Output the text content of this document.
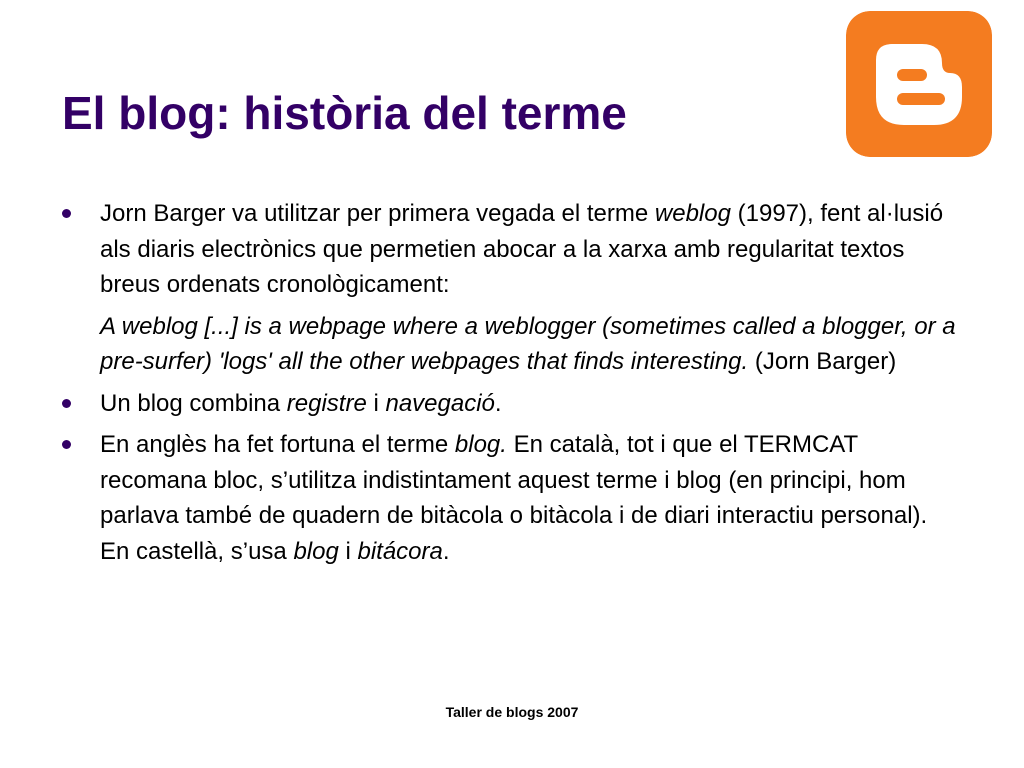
El blog: història del terme

Jorn Barger va utilitzar per primera vegada el terme weblog (1997), fent al·lusió als diaris electrònics que permetien abocar a la xarxa amb regularitat textos breus ordenats cronològicament:

A weblog [...] is a webpage where a weblogger (sometimes called a blogger, or a pre-surfer) 'logs' all the other webpages that finds interesting. (Jorn Barger)

Un blog combina registre i navegació.

En anglès ha fet fortuna el terme blog. En català, tot i que el TERMCAT recomana bloc, s’utilitza indistintament aquest terme i blog (en principi, hom parlava també de quadern de bitàcola o bitàcola i de diari interactiu personal). En castellà, s’usa blog i bitácora.

Taller de blogs 2007
